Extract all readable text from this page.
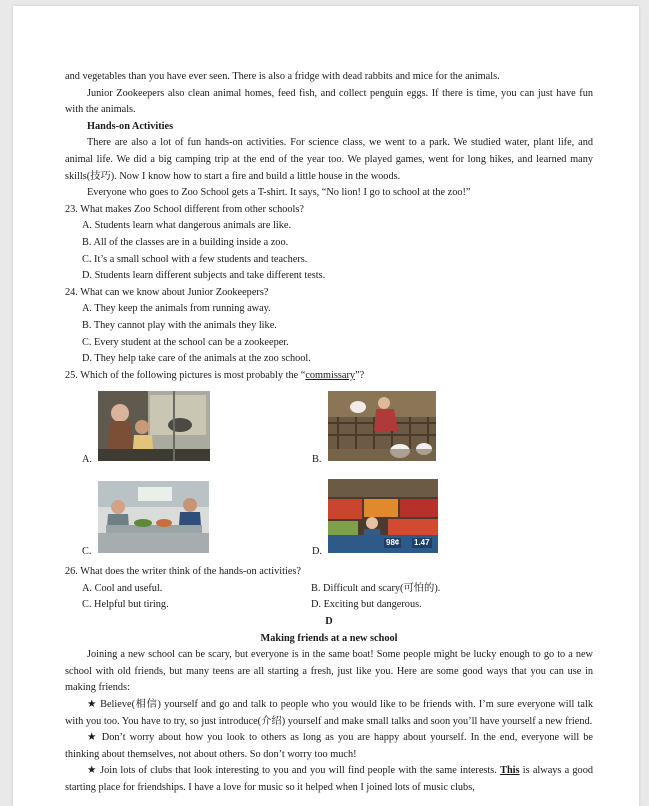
and vegetables than you have ever seen. There is also a fridge with dead rabbits and mice for the animals.

Junior Zookeepers also clean animal homes, feed fish, and collect penguin eggs. If there is time, you can just have fun with the animals.

Hands-on Activities

There are also a lot of fun hands-on activities. For science class, we went to a park. We studied water, plant life, and animal life. We did a big camping trip at the end of the year too. We played games, went for long hikes, and learned many skills(技巧). Now I know how to start a fire and build a little house in the woods.

Everyone who goes to Zoo School gets a T-shirt. It says, “No lion! I go to school at the zoo!”

23. What makes Zoo School different from other schools?

A. Students learn what dangerous animals are like.

B. All of the classes are in a building inside a zoo.

C. It’s a small school with a few students and teachers.

D. Students learn different subjects and take different tests.

24. What can we know about Junior Zookeepers?

A. They keep the animals from running away.

B. They cannot play with the animals they like.

C. Every student at the school can be a zookeeper.

D. They help take care of the animals at the zoo school.

25. Which of the following pictures is most probably the “commissary”?

A.	B.
C.	D.
98¢ 1.47

26. What does the writer think of the hands-on activities?

A. Cool and useful.	B. Difficult and scary(可怕的).
C. Helpful but tiring.	D. Exciting but dangerous.

D

Making friends at a new school

Joining a new school can be scary, but everyone is in the same boat! Some people might be lucky enough to go to a new school with old friends, but many teens are all starting a fresh, just like you. Here are some good ways that you can use in making friends:

★ Believe(相信) yourself and go and talk to people who you would like to be friends with. I’m sure everyone will talk with you too. You have to try, so just introduce(介绍) yourself and make small talks and soon you’ll have yourself a new friend.

★ Don’t worry about how you look to others as long as you are happy about yourself. In the end, everyone will be thinking about themselves, not about others. So don’t worry too much!

★ Join lots of clubs that look interesting to you and you will find people with the same interests. This is always a good starting place for friendships. I have a love for music so it helped when I joined lots of music clubs,
